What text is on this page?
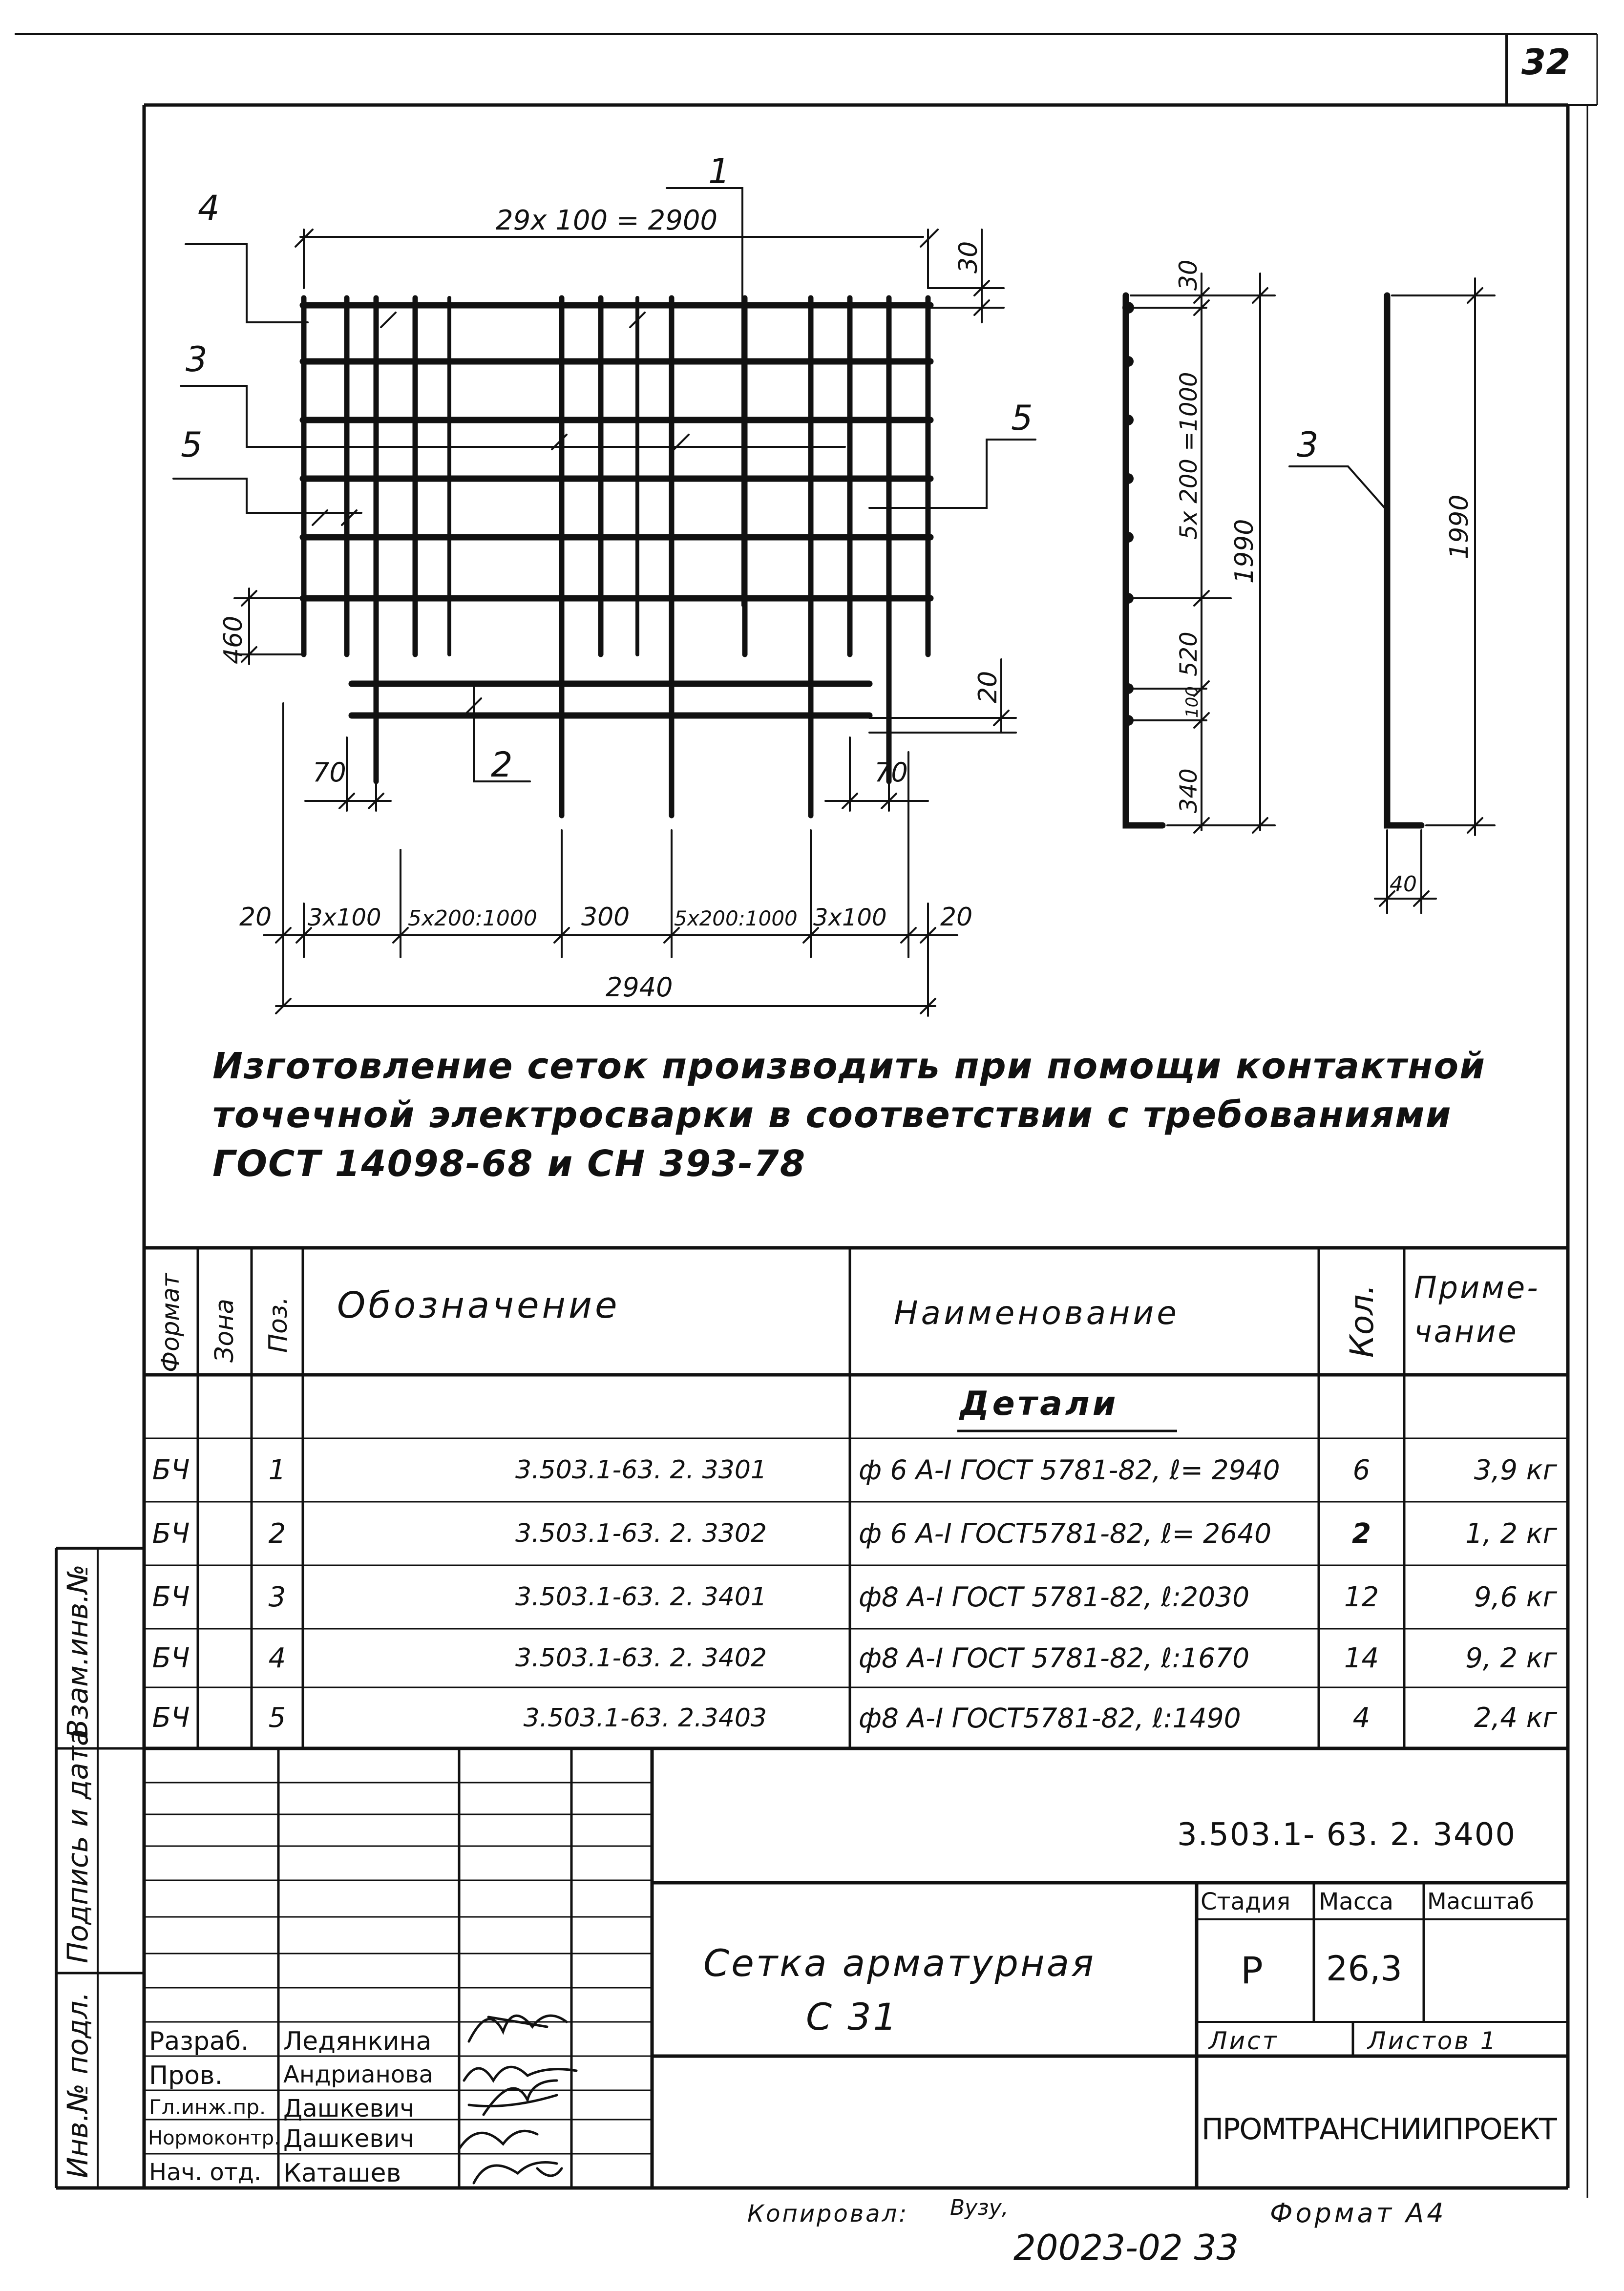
32
1
4
3
5
5
2
3
29x 100 = 2900
30
460
20
70	70
20 3x100 5x200:1000 300 5x200:1000 3x100 20
2940
30
5x 200 =1000
1990
520
100
340
1990
40
Изготовление сеток производить при помощи контактной
точечной электросварки в соответствии с требованиями
ГОСТ 14098-68 и СН 393-78
Формат Зона Поз. Обозначение	Наименование	Кол. Приме-
чание
Детали
БЧ	1	3.503.1-63. 2. 3301	ф 6 А-I ГОСТ 5781-82, ℓ= 2940	6	3,9 кг
БЧ	2	3.503.1-63. 2. 3302	ф 6 А-I ГОСТ5781-82, ℓ= 2640	2	1, 2 кг
БЧ	3	3.503.1-63. 2. 3401	ф8 А-I ГОСТ 5781-82, ℓ:2030	12	9,6 кг
БЧ	4	3.503.1-63. 2. 3402	ф8 А-I ГОСТ 5781-82, ℓ:1670	14	9, 2 кг
БЧ	5	3.503.1-63. 2.3403	ф8 А-I ГОСТ5781-82, ℓ:1490	4	2,4 кг
Взам.инв.№
Подпись и дата
Инв.№ подл. Разраб. Ледянкина
Пров.	Андрианова
Гл.инж.пр. Дашкевич
Нормоконтр. Дашкевич
Нач. отд. Каташев
3.503.1- 63. 2. 3400
Сетка арматурная
С 31
Стадия Масса Масштаб
Р 26,3
Лист	Листов 1
ПРОМТРАНСНИИПРОЕКТ
Копировал: Вузу,	Формат А4
20023-02 33
